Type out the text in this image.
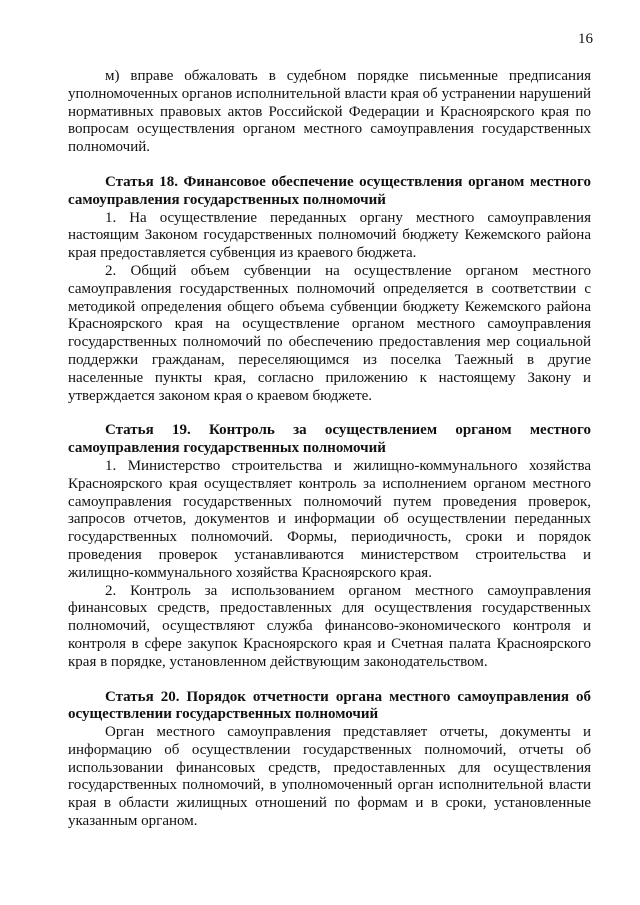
16

м) вправе обжаловать в судебном порядке письменные предписания уполномоченных органов исполнительной власти края об устранении нарушений нормативных правовых актов Российской Федерации и Красноярского края по вопросам осуществления органом местного самоуправления государственных полномочий.

Статья 18. Финансовое обеспечение осуществления органом местного самоуправления государственных полномочий

1. На осуществление переданных органу местного самоуправления настоящим Законом государственных полномочий бюджету Кежемского района края предоставляется субвенция из краевого бюджета.

2. Общий объем субвенции на осуществление органом местного самоуправления государственных полномочий определяется в соответствии с методикой определения общего объема субвенции бюджету Кежемского района Красноярского края на осуществление органом местного самоуправления государственных полномочий по обеспечению предоставления мер социальной поддержки гражданам, переселяющимся из поселка Таежный в другие населенные пункты края, согласно приложению к настоящему Закону и утверждается законом края о краевом бюджете.

Статья 19. Контроль за осуществлением органом местного самоуправления государственных полномочий

1. Министерство строительства и жилищно-коммунального хозяйства Красноярского края осуществляет контроль за исполнением органом местного самоуправления государственных полномочий путем проведения проверок, запросов отчетов, документов и информации об осуществлении переданных государственных полномочий. Формы, периодичность, сроки и порядок проведения проверок устанавливаются министерством строительства и жилищно-коммунального хозяйства Красноярского края.

2. Контроль за использованием органом местного самоуправления финансовых средств, предоставленных для осуществления государственных полномочий, осуществляют служба финансово-экономического контроля и контроля в сфере закупок Красноярского края и Счетная палата Красноярского края в порядке, установленном действующим законодательством.

Статья 20. Порядок отчетности органа местного самоуправления об осуществлении государственных полномочий

Орган местного самоуправления представляет отчеты, документы и информацию об осуществлении государственных полномочий, отчеты об использовании финансовых средств, предоставленных для осуществления государственных полномочий, в уполномоченный орган исполнительной власти края в области жилищных отношений по формам и в сроки, установленные указанным органом.
